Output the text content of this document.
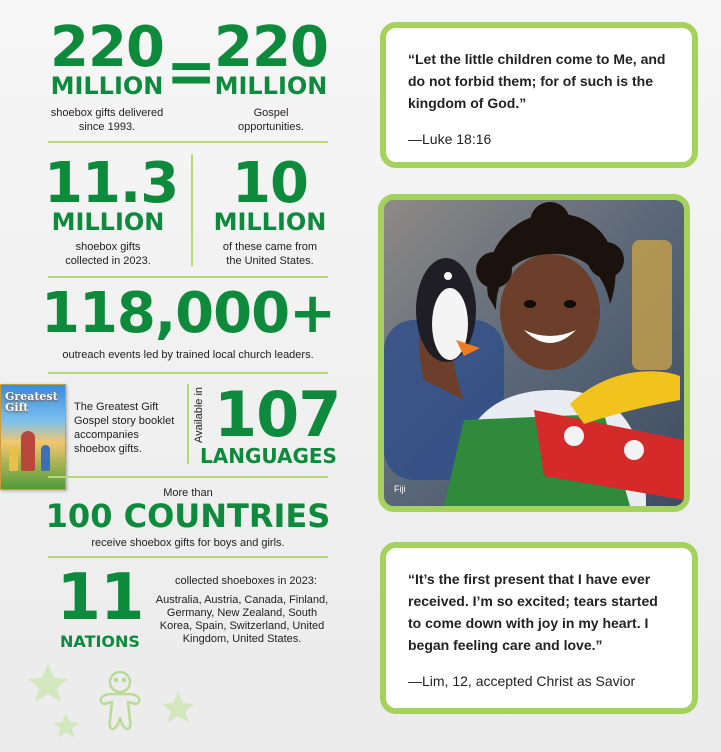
220
MILLION
shoebox gifts delivered since 1993.
=
220
MILLION
Gospel opportunities.
11.3
MILLION
shoebox gifts collected in 2023.
10
MILLION
of these came from the United States.
118,000+
outreach events led by trained local church leaders.
Greatest Gift	The Greatest Gift Gospel story booklet accompanies shoebox gifts.
Available in 107
LANGUAGES
More than
100 COUNTRIES
receive shoebox gifts for boys and girls.
11
NATIONS
collected shoeboxes in 2023:
Australia, Austria, Canada, Finland, Germany, New Zealand, South Korea, Spain, Switzerland, United Kingdom, United States.
“Let the little children come to Me, and do not forbid them; for of such is the kingdom of God.”
—Luke 18:16
Fiji
“It’s the first present that I have ever received. I’m so excited; tears started to come down with joy in my heart. I began feeling care and love.”
—Lim, 12, accepted Christ as Savior
